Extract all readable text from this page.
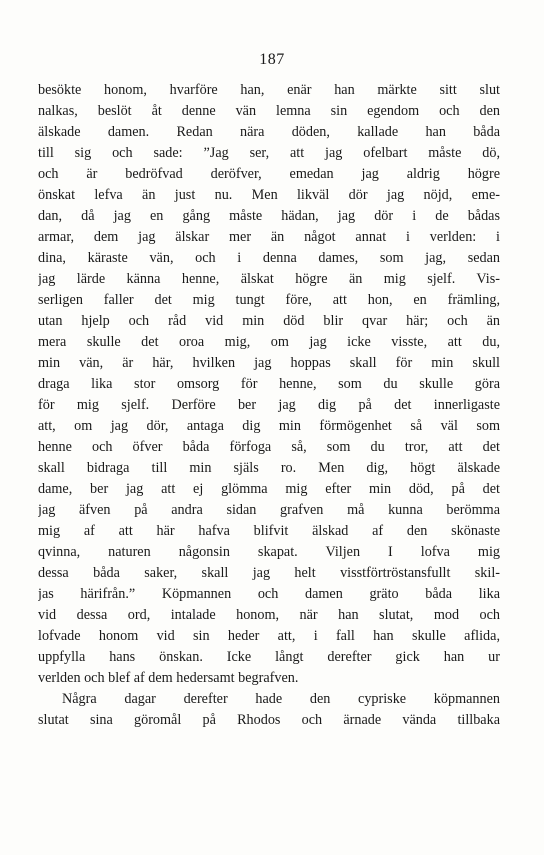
187
besökte honom, hvarföre han, enär han märkte sitt slut
nalkas, beslöt åt denne vän lemna sin egendom och den
älskade damen. Redan nära döden, kallade han båda
till sig och sade: ”Jag ser, att jag ofelbart måste dö,
och är bedröfvad deröfver, emedan jag aldrig högre
önskat lefva än just nu. Men likväl dör jag nöjd, eme-
dan, då jag en gång måste hädan, jag dör i de bådas
armar, dem jag älskar mer än något annat i verlden: i
dina, käraste vän, och i denna dames, som jag, sedan
jag lärde känna henne, älskat högre än mig sjelf. Vis-
serligen faller det mig tungt före, att hon, en främling,
utan hjelp och råd vid min död blir qvar här; och än
mera skulle det oroa mig, om jag icke visste, att du,
min vän, är här, hvilken jag hoppas skall för min skull
draga lika stor omsorg för henne, som du skulle göra
för mig sjelf. Derföre ber jag dig på det innerligaste
att, om jag dör, antaga dig min förmögenhet så väl som
henne och öfver båda förfoga så, som du tror, att det
skall bidraga till min själs ro. Men dig, högt älskade
dame, ber jag att ej glömma mig efter min död, på det
jag äfven på andra sidan grafven må kunna berömma
mig af att här hafva blifvit älskad af den skönaste
qvinna, naturen någonsin skapat. Viljen I lofva mig
dessa båda saker, skall jag helt visstförtröstansfullt skil-
jas härifrån.” Köpmannen och damen gräto båda lika
vid dessa ord, intalade honom, när han slutat, mod och
lofvade honom vid sin heder att, i fall han skulle aflida,
uppfylla hans önskan. Icke långt derefter gick han ur
verlden och blef af dem hedersamt begrafven.
Några dagar derefter hade den cypriske köpmannen
slutat sina göromål på Rhodos och ärnade vända tillbaka
